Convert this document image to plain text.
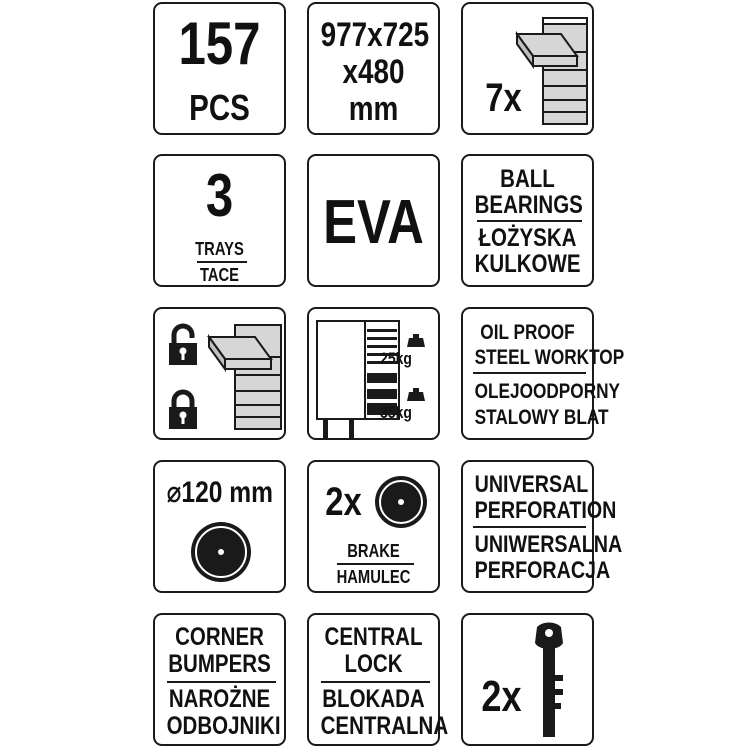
157
PCS
977x725
x480
mm	7x
3
TRAYS
TACE
EVA
BALL
BEARINGS
ŁOŻYSKA
KULKOWE
25kg
35kg
OIL PROOF
STEEL WORKTOP
OLEJOODPORNY
STALOWY BLAT
⌀120 mm	2x
BRAKE
HAMULEC
UNIVERSAL
PERFORATION
UNIWERSALNA
PERFORACJA
CORNER
BUMPERS
NAROŻNE
ODBOJNIKI
CENTRAL
LOCK
BLOKADA
CENTRALNA
2x
